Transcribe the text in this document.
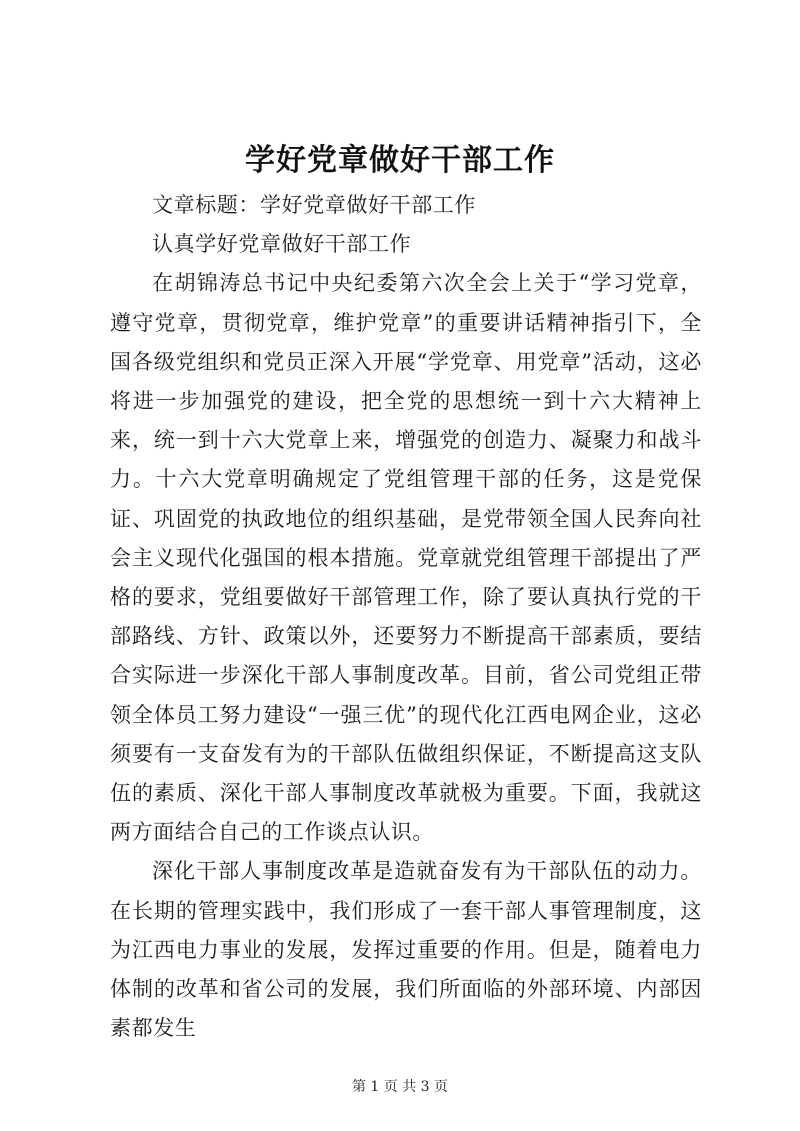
学好党章做好干部工作

文章标题：学好党章做好干部工作

认真学好党章做好干部工作

在胡锦涛总书记中央纪委第六次全会上关于“学习党章，遵守党章，贯彻党章，维护党章”的重要讲话精神指引下，全国各级党组织和党员正深入开展“学党章、用党章”活动，这必将进一步加强党的建设，把全党的思想统一到十六大精神上来，统一到十六大党章上来，增强党的创造力、凝聚力和战斗力。十六大党章明确规定了党组管理干部的任务，这是党保证、巩固党的执政地位的组织基础，是党带领全国人民奔向社会主义现代化强国的根本措施。党章就党组管理干部提出了严格的要求，党组要做好干部管理工作，除了要认真执行党的干部路线、方针、政策以外，还要努力不断提高干部素质，要结合实际进一步深化干部人事制度改革。目前，省公司党组正带领全体员工努力建设“一强三优”的现代化江西电网企业，这必须要有一支奋发有为的干部队伍做组织保证，不断提高这支队伍的素质、深化干部人事制度改革就极为重要。下面，我就这两方面结合自己的工作谈点认识。

深化干部人事制度改革是造就奋发有为干部队伍的动力。在长期的管理实践中，我们形成了一套干部人事管理制度，这为江西电力事业的发展，发挥过重要的作用。但是，随着电力体制的改革和省公司的发展，我们所面临的外部环境、内部因素都发生

第 1 页 共 3 页
